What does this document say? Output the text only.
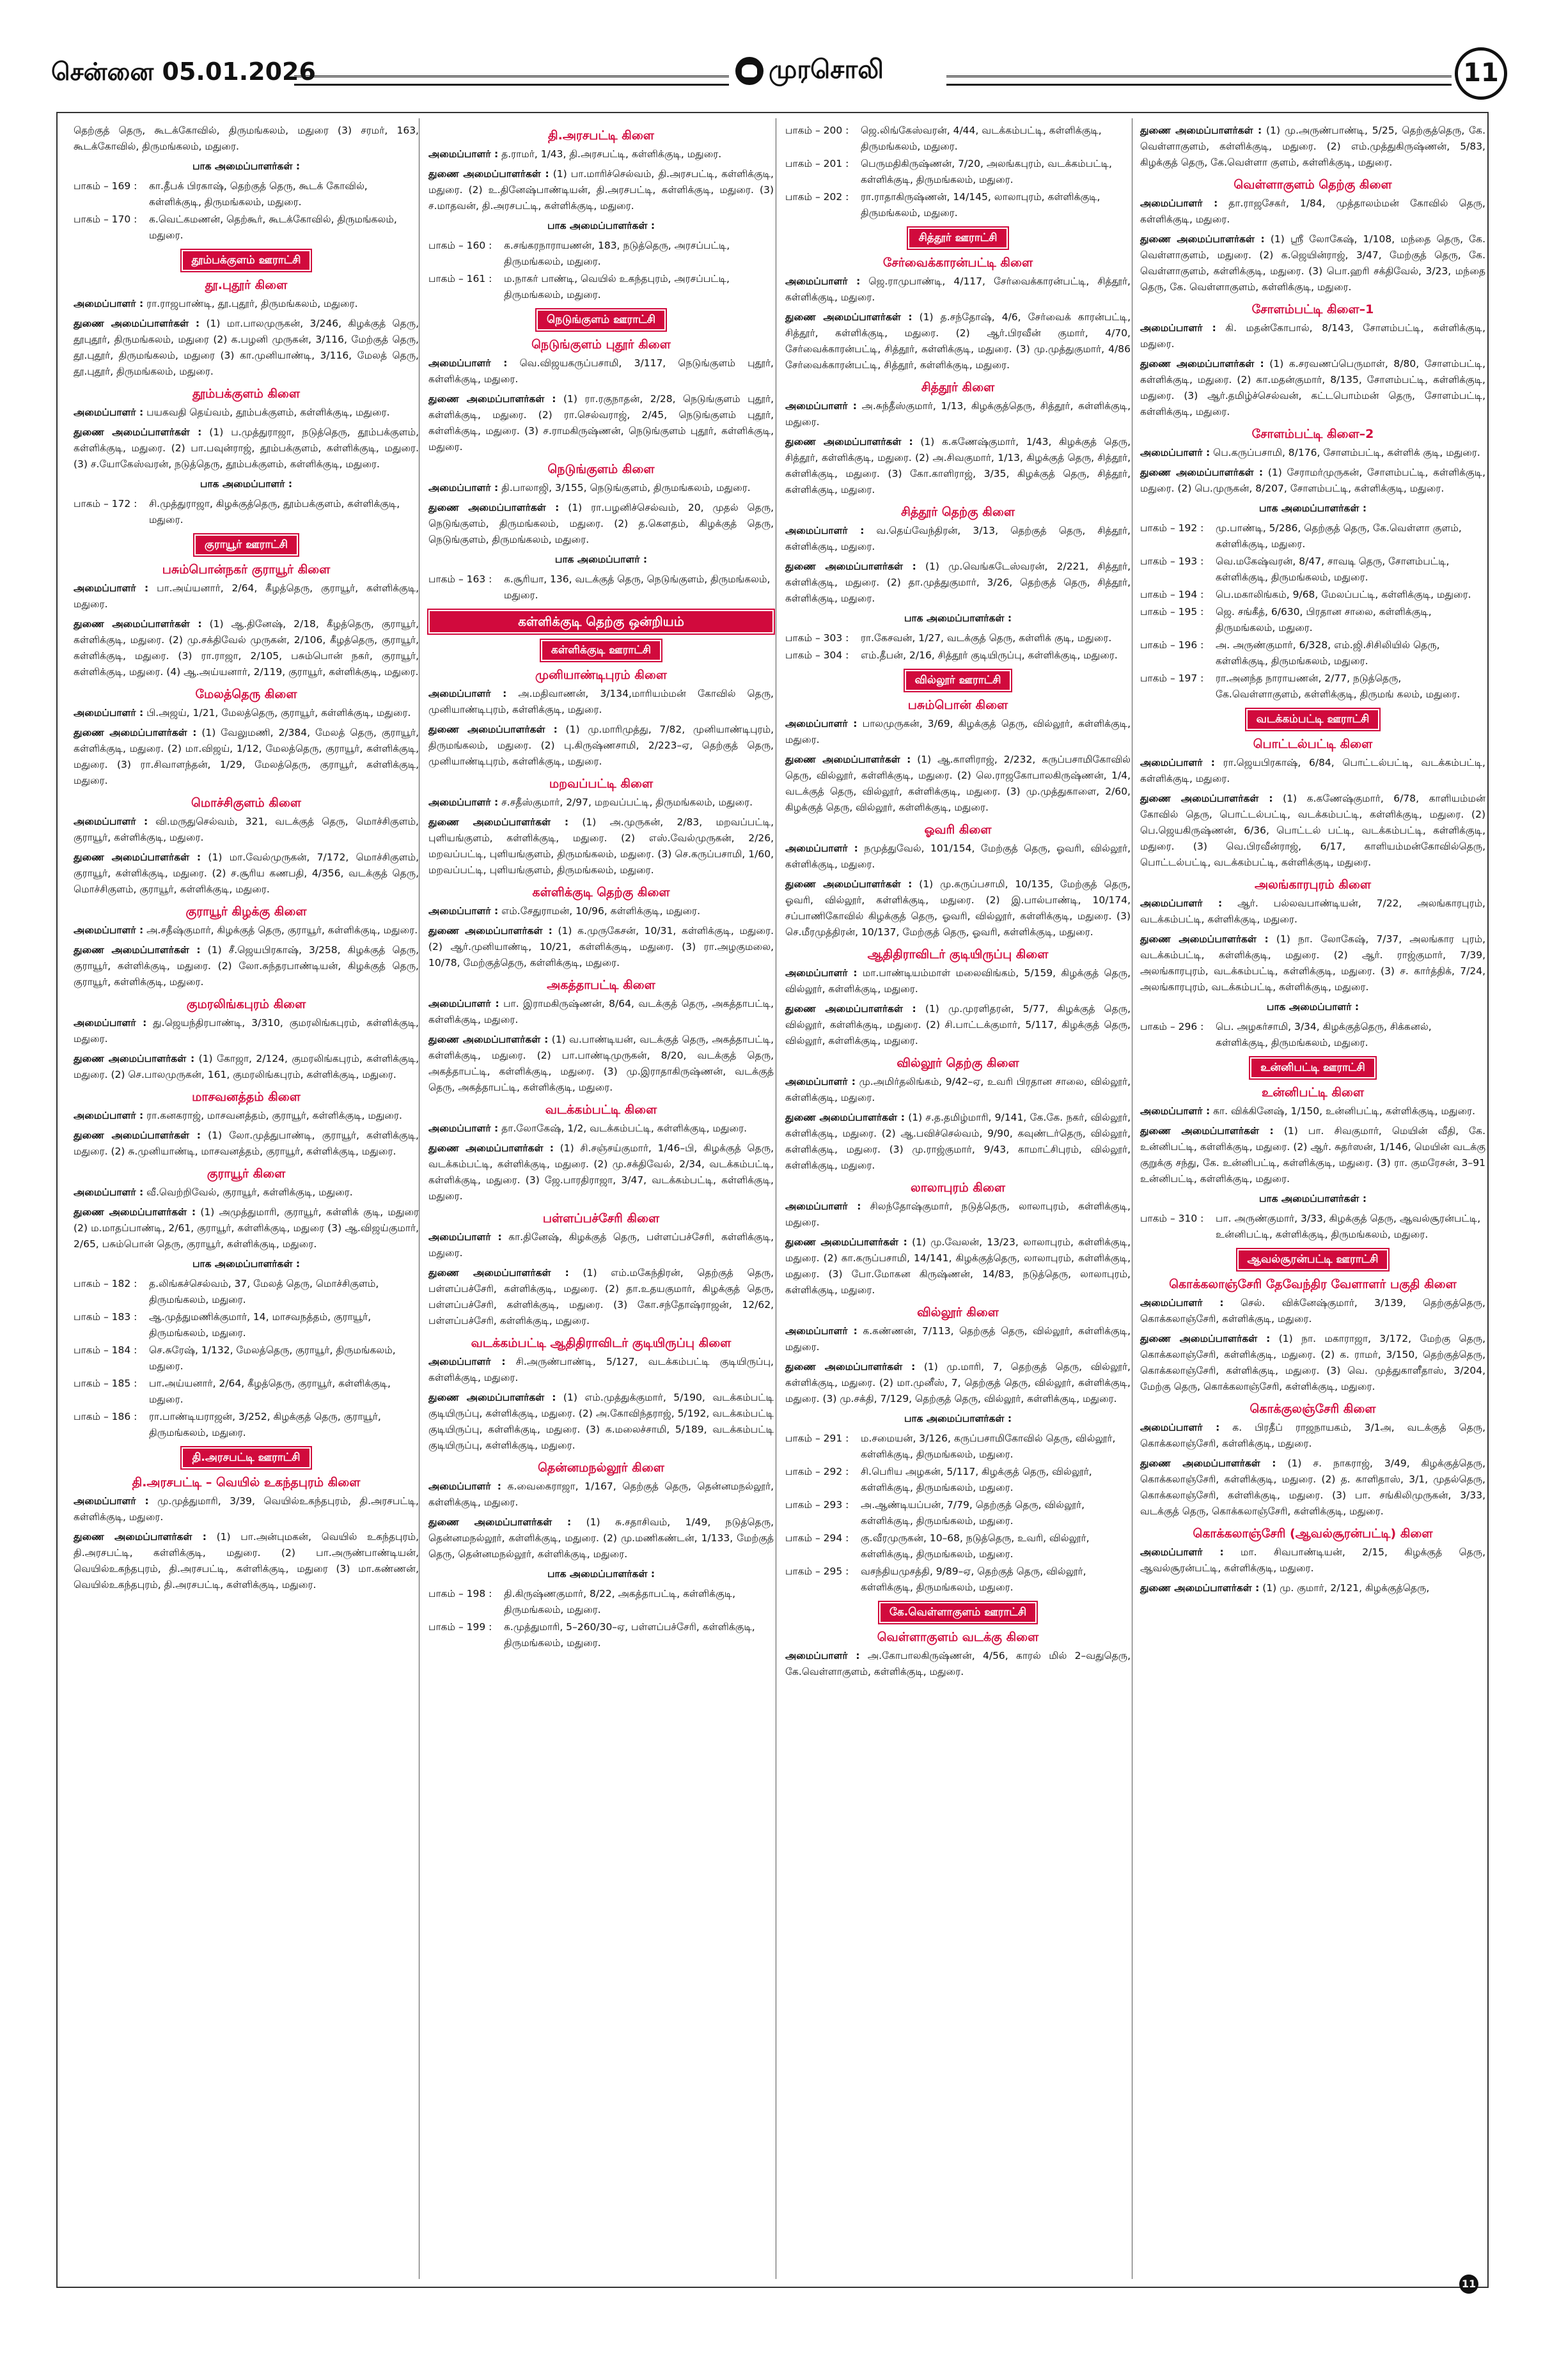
சென்னை 05.01.2026	முரசொலி	11
தெற்குத் தெரு, கூடக்கோவில், திருமங்கலம், மதுரை (3) சரமர், 163, கூடக்கோவில், திருமங்கலம், மதுரை.
பாக அமைப்பாளர்கள் :
பாகம் – 169 :	கா.தீபக் பிரகாஷ், தெற்குத் தெரு, கூடக் கோவில், கள்ளிக்குடி, திருமங்கலம், மதுரை.
பாகம் – 170 :	க.வெட்கமணன், தெற்கூர், கூடக்கோவில், திருமங்கலம், மதுரை.
தூம்பக்குளம் ஊராட்சி
தூ.புதூர் கிளை
அமைப்பாளர் : ரா.ராஜபாண்டி, தூ.புதூர், திருமங்கலம், மதுரை.
துணை அமைப்பாளர்கள் : (1) மா.பாலமுருகன், 3/246, கிழக்குத் தெரு, தூபுதூர், திருமங்கலம், மதுரை (2) க.பழனி முருகன், 3/116, மேற்குத் தெரு, தூ.புதூர், திருமங்கலம், மதுரை (3) கா.முனியாண்டி, 3/116, மேலத் தெரு, தூ.புதூர், திருமங்கலம், மதுரை.
தூம்பக்குளம் கிளை
அமைப்பாளர் : பயகவதி தெய்வம், தூம்பக்குளம், கள்ளிக்குடி, மதுரை.
துணை அமைப்பாளர்கள் : (1) ப.முத்துராஜா, நடுத்தெரு, தூம்பக்குளம், கள்ளிக்குடி, மதுரை. (2) பா.பவுன்ராஜ், தூம்பக்குளம், கள்ளிக்குடி, மதுரை. (3) ச.யோகேஸ்வரன், நடுத்தெரு, தூம்பக்குளம், கள்ளிக்குடி, மதுரை.
பாக அமைப்பாளர் :
பாகம் – 172 :	சி.முத்துராஜா, கிழக்குத்தெரு, தூம்பக்குளம், கள்ளிக்குடி, மதுரை.
குராயூர் ஊராட்சி
பசும்பொன்நகர் குராயூர் கிளை
அமைப்பாளர் : பா.அய்யனார், 2/64, கீழத்தெரு, குராயூர், கள்ளிக்குடி, மதுரை.
துணை அமைப்பாளர்கள் : (1) ஆ.தினேஷ், 2/18, கீழத்தெரு, குராயூர், கள்ளிக்குடி, மதுரை. (2) மு.சக்திவேல் முருகன், 2/106, கீழத்தெரு, குராயூர், கள்ளிக்குடி, மதுரை. (3) ரா.ராஜா, 2/105, பசும்பொன் நகர், குராயூர், கள்ளிக்குடி, மதுரை. (4) ஆ.அய்யனார், 2/119, குராயூர், கள்ளிக்குடி, மதுரை.
மேலத்தெரு கிளை
அமைப்பாளர் : பி.அஜய், 1/21, மேலத்தெரு, குராயூர், கள்ளிக்குடி, மதுரை.
துணை அமைப்பாளர்கள் : (1) வேலுமணி, 2/384, மேலத் தெரு, குராயூர், கள்ளிக்குடி, மதுரை. (2) மா.விஜய், 1/12, மேலத்தெரு, குராயூர், கள்ளிக்குடி, மதுரை. (3) ரா.சிவாளந்தன், 1/29, மேலத்தெரு, குராயூர், கள்ளிக்குடி, மதுரை.
மொச்சிகுளம் கிளை
அமைப்பாளர் : வி.மருதுசெல்வம், 321, வடக்குத் தெரு, மொச்சிகுளம், குராயூர், கள்ளிக்குடி, மதுரை.
துணை அமைப்பாளர்கள் : (1) மா.வேல்முருகன், 7/172, மொச்சிகுளம், குராயூர், கள்ளிக்குடி, மதுரை. (2) ச.சூரிய கணபதி, 4/356, வடக்குத் தெரு, மொச்சிகுளம், குராயூர், கள்ளிக்குடி, மதுரை.
குராயூர் கிழக்கு கிளை
அமைப்பாளர் : அ.சதீஷ்குமார், கிழக்குத் தெரு, குராயூர், கள்ளிக்குடி, மதுரை.
துணை அமைப்பாளர்கள் : (1) சீ.ஜெயபிரகாஷ், 3/258, கிழக்குத் தெரு, குராயூர், கள்ளிக்குடி, மதுரை. (2) லோ.சுந்தரபாண்டியன், கிழக்குத் தெரு, குராயூர், கள்ளிக்குடி, மதுரை.
குமரலிங்கபுரம் கிளை
அமைப்பாளர் : து.ஜெயந்திரபாண்டி, 3/310, குமரலிங்கபுரம், கள்ளிக்குடி, மதுரை.
துணை அமைப்பாளர்கள் : (1) கோஜா, 2/124, குமரலிங்கபுரம், கள்ளிக்குடி, மதுரை. (2) செ.பாலமுருகன், 161, குமரலிங்கபுரம், கள்ளிக்குடி, மதுரை.
மாசவனத்தம் கிளை
அமைப்பாளர் : ரா.கனகராஜ், மாசவனத்தம், குராயூர், கள்ளிக்குடி, மதுரை.
துணை அமைப்பாளர்கள் : (1) லோ.முத்துபாண்டி, குராயூர், கள்ளிக்குடி, மதுரை. (2) சு.முனியாண்டி, மாசவனத்தம், குராயூர், கள்ளிக்குடி, மதுரை.
குராயூர் கிளை
அமைப்பாளர் : வீ.வெற்றிவேல், குராயூர், கள்ளிக்குடி, மதுரை.
துணை அமைப்பாளர்கள் : (1) அமுத்துமாரி, குராயூர், கள்ளிக் குடி, மதுரை (2) ம.மாதப்பாண்டி, 2/61, குராயூர், கள்ளிக்குடி, மதுரை (3) ஆ.விஜய்குமார், 2/65, பசும்பொன் தெரு, குராயூர், கள்ளிக்குடி, மதுரை.
பாக அமைப்பாளர்கள் :
பாகம் – 182 :	த.லிங்கச்செல்வம், 37, மேலத் தெரு, மொச்சிகுளம், திருமங்கலம், மதுரை.
பாகம் – 183 :	ஆ.முத்துமணிக்குமார், 14, மாசவநத்தம், குராயூர், திருமங்கலம், மதுரை.
பாகம் – 184 :	செ.சுரேஷ், 1/132, மேலத்தெரு, குராயூர், திருமங்கலம், மதுரை.
பாகம் – 185 :	பா.அய்யனார், 2/64, கீழத்தெரு, குராயூர், கள்ளிக்குடி, மதுரை.
பாகம் – 186 :	ரா.பாண்டியராஜன், 3/252, கிழக்குத் தெரு, குராயூர், திருமங்கலம், மதுரை.
தி.அரசபட்டி ஊராட்சி
தி.அரசபட்டி – வெயில் உகந்தபுரம் கிளை
அமைப்பாளர் : மு.முத்துமாரி, 3/39, வெயில்உகந்தபுரம், தி.அரசபட்டி, கள்ளிக்குடி, மதுரை.
துணை அமைப்பாளர்கள் : (1) பா.அன்புமகன், வெயில் உகந்தபுரம், தி.அரசபட்டி, கள்ளிக்குடி, மதுரை. (2) பா.அருண்பாண்டியன், வெயில்உகந்தபுரம், தி.அரசபட்டி, கள்ளிக்குடி, மதுரை (3) மா.கண்ணன், வெயில்உகந்தபுரம், தி.அரசபட்டி, கள்ளிக்குடி, மதுரை.
தி.அரசபட்டி கிளை
அமைப்பாளர் : த.ராமர், 1/43, தி.அரசபட்டி, கள்ளிக்குடி, மதுரை.
துணை அமைப்பாளர்கள் : (1) பா.மாரிச்செல்வம், தி.அரசபட்டி, கள்ளிக்குடி, மதுரை. (2) உ.தினேஷ்பாண்டியன், தி.அரசபட்டி, கள்ளிக்குடி, மதுரை. (3) ச.மாதவன், தி.அரசபட்டி, கள்ளிக்குடி, மதுரை.
பாக அமைப்பாளர்கள் :
பாகம் – 160 :	க.சங்கரநாராயணன், 183, நடுத்தெரு, அரசப்பட்டி, திருமங்கலம், மதுரை.
பாகம் – 161 :	ம.நாகர் பாண்டி, வெயில் உகந்தபுரம், அரசப்பட்டி, திருமங்கலம், மதுரை.
நெடுங்குளம் ஊராட்சி
நெடுங்குளம் புதூர் கிளை
அமைப்பாளர் : வெ.விஜயகருப்பசாமி, 3/117, நெடுங்குளம் புதூர், கள்ளிக்குடி, மதுரை.
துணை அமைப்பாளர்கள் : (1) ரா.ரகுநாதன், 2/28, நெடுங்குளம் புதூர், கள்ளிக்குடி, மதுரை. (2) ரா.செல்வராஜ், 2/45, நெடுங்குளம் புதூர், கள்ளிக்குடி, மதுரை. (3) ச.ராமகிருஷ்ணன், நெடுங்குளம் புதூர், கள்ளிக்குடி, மதுரை.
நெடுங்குளம் கிளை
அமைப்பாளர் : தி.பாலாஜி, 3/155, நெடுங்குளம், திருமங்கலம், மதுரை.
துணை அமைப்பாளர்கள் : (1) ரா.பழனிச்செல்வம், 20, முதல் தெரு, நெடுங்குளம், திருமங்கலம், மதுரை. (2) த.கௌதம், கிழக்குத் தெரு, நெடுங்குளம், திருமங்கலம், மதுரை.
பாக அமைப்பாளர் :
பாகம் – 163 :	க.சூரியா, 136, வடக்குத் தெரு, நெடுங்குளம், திருமங்கலம், மதுரை.
கள்ளிக்குடி தெற்கு ஒன்றியம்
கள்ளிக்குடி ஊராட்சி
முனியாண்டிபுரம் கிளை
அமைப்பாளர் : அ.மதிவாணன், 3/134,மாரியம்மன் கோவில் தெரு, முனியாண்டிபுரம், கள்ளிக்குடி, மதுரை.
துணை அமைப்பாளர்கள் : (1) மு.மாரிமுத்து, 7/82, முனியாண்டிபுரம், திருமங்கலம், மதுரை. (2) பு.கிருஷ்ணசாமி, 2/223–ஏ, தெற்குத் தெரு, முனியாண்டிபுரம், கள்ளிக்குடி, மதுரை.
மறவப்பட்டி கிளை
அமைப்பாளர் : ச.சதீஸ்குமார், 2/97, மறவப்பட்டி, திருமங்கலம், மதுரை.
துணை அமைப்பாளர்கள் : (1) அ.முருகன், 2/83, மறவப்பட்டி, புளியங்குளம், கள்ளிக்குடி, மதுரை. (2) எஸ்.வேல்முருகன், 2/26, மறவப்பட்டி, புளியங்குளம், திருமங்கலம், மதுரை. (3) செ.கருப்பசாமி, 1/60, மறவப்பட்டி, புளியங்குளம், திருமங்கலம், மதுரை.
கள்ளிக்குடி தெற்கு கிளை
அமைப்பாளர் : எம்.சேதுராமன், 10/96, கள்ளிக்குடி, மதுரை.
துணை அமைப்பாளர்கள் : (1) க.முருகேசன், 10/31, கள்ளிக்குடி, மதுரை. (2) ஆர்.முனியாண்டி, 10/21, கள்ளிக்குடி, மதுரை. (3) ரா.அழகுமலை, 10/78, மேற்குத்தெரு, கள்ளிக்குடி, மதுரை.
அகத்தாபட்டி கிளை
அமைப்பாளர் : பா. இராமகிருஷ்ணன், 8/64, வடக்குத் தெரு, அகத்தாபட்டி, கள்ளிக்குடி, மதுரை.
துணை அமைப்பாளர்கள் : (1) வ.பாண்டியன், வடக்குத் தெரு, அகத்தாபட்டி, கள்ளிக்குடி, மதுரை. (2) பா.பாண்டிமுருகன், 8/20, வடக்குத் தெரு, அகத்தாபட்டி, கள்ளிக்குடி, மதுரை. (3) மு.இராதாகிருஷ்ணன், வடக்குத் தெரு, அகத்தாபட்டி, கள்ளிக்குடி, மதுரை.
வடக்கம்பட்டி கிளை
அமைப்பாளர் : தா.லோகேஷ், 1/2, வடக்கம்பட்டி, கள்ளிக்குடி, மதுரை.
துணை அமைப்பாளர்கள் : (1) சி.சஞ்சய்குமார், 1/46–பி, கிழக்குத் தெரு, வடக்கம்பட்டி, கள்ளிக்குடி, மதுரை. (2) மு.சக்திவேல், 2/34, வடக்கம்பட்டி, கள்ளிக்குடி, மதுரை. (3) ஜே.பாரதிராஜா, 3/47, வடக்கம்பட்டி, கள்ளிக்குடி, மதுரை.
பள்ளப்பச்சேரி கிளை
அமைப்பாளர் : கா.தினேஷ், கிழக்குத் தெரு, பள்ளப்பச்சேரி, கள்ளிக்குடி, மதுரை.
துணை அமைப்பாளர்கள் : (1) எம்.மகேந்திரன், தெற்குத் தெரு, பள்ளப்பச்சேரி, கள்ளிக்குடி, மதுரை. (2) தா.உதயகுமார், கிழக்குத் தெரு, பள்ளப்பச்சேரி, கள்ளிக்குடி, மதுரை. (3) கோ.சந்தோஷ்ராஜன், 12/62, பள்ளப்பச்சேரி, கள்ளிக்குடி, மதுரை.
வடக்கம்பட்டி ஆதிதிராவிடர் குடியிருப்பு கிளை
அமைப்பாளர் : சி.அருண்பாண்டி, 5/127, வடக்கம்பட்டி குடியிருப்பு, கள்ளிக்குடி, மதுரை.
துணை அமைப்பாளர்கள் : (1) எம்.முத்துக்குமார், 5/190, வடக்கம்பட்டி குடியிருப்பு, கள்ளிக்குடி, மதுரை. (2) அ.கோவிந்தராஜ், 5/192, வடக்கம்பட்டி குடியிருப்பு, கள்ளிக்குடி, மதுரை. (3) க.மலைச்சாமி, 5/189, வடக்கம்பட்டி குடியிருப்பு, கள்ளிக்குடி, மதுரை.
தென்னமநல்லூர் கிளை
அமைப்பாளர் : க.வைகைராஜா, 1/167, தெற்குத் தெரு, தென்னமநல்லூர், கள்ளிக்குடி, மதுரை.
துணை அமைப்பாளர்கள் : (1) சு.சதாசிவம், 1/49, நடுத்தெரு, தென்னமநல்லூர், கள்ளிக்குடி, மதுரை. (2) மு.மணிகண்டன், 1/133, மேற்குத் தெரு, தென்னமநல்லூர், கள்ளிக்குடி, மதுரை.
பாக அமைப்பாளர்கள் :
பாகம் – 198 :	தி.கிருஷ்ணகுமார், 8/22, அகத்தாபட்டி, கள்ளிக்குடி, திருமங்கலம், மதுரை.
பாகம் – 199 :	க.முத்துமாரி, 5–260/30–ஏ, பள்ளப்பச்சேரி, கள்ளிக்குடி, திருமங்கலம், மதுரை.
பாகம் – 200 :	ஜெ.லிங்கேஸ்வரன், 4/44, வடக்கம்பட்டி, கள்ளிக்குடி, திருமங்கலம், மதுரை.
பாகம் – 201 :	பெருமதிகிருஷ்ணன், 7/20, அலங்கபுரம், வடக்கம்பட்டி, கள்ளிக்குடி, திருமங்கலம், மதுரை.
பாகம் – 202 :	ரா.ராதாகிருஷ்ணன், 14/145, லாலாபுரம், கள்ளிக்குடி, திருமங்கலம், மதுரை.
சித்தூர் ஊராட்சி
சேர்வைக்காரன்பட்டி கிளை
அமைப்பாளர் : ஜெ.ராமுபாண்டி, 4/117, சேர்வைக்காரன்பட்டி, சித்தூர், கள்ளிக்குடி, மதுரை.
துணை அமைப்பாளர்கள் : (1) த.சந்தோஷ், 4/6, சேர்வைக் காரன்பட்டி, சித்தூர், கள்ளிக்குடி, மதுரை. (2) ஆர்.பிரவீன் குமார், 4/70, சேர்வைக்காரன்பட்டி, சித்தூர், கள்ளிக்குடி, மதுரை. (3) மு.முத்துகுமார், 4/86 சேர்வைக்காரன்பட்டி, சித்தூர், கள்ளிக்குடி, மதுரை.
சித்தூர் கிளை
அமைப்பாளர் : அ.சுந்தீஸ்குமார், 1/13, கிழக்குத்தெரு, சித்தூர், கள்ளிக்குடி, மதுரை.
துணை அமைப்பாளர்கள் : (1) க.கணேஷ்குமார், 1/43, கிழக்குத் தெரு, சித்தூர், கள்ளிக்குடி, மதுரை. (2) அ.சிவகுமார், 1/13, கிழக்குத் தெரு, சித்தூர், கள்ளிக்குடி, மதுரை. (3) கோ.காளிராஜ், 3/35, கிழக்குத் தெரு, சித்தூர், கள்ளிக்குடி, மதுரை.
சித்தூர் தெற்கு கிளை
அமைப்பாளர் : வ.தெய்வேந்திரன், 3/13, தெற்குத் தெரு, சித்தூர், கள்ளிக்குடி, மதுரை.
துணை அமைப்பாளர்கள் : (1) மு.வெங்கடேஸ்வரன், 2/221, சித்தூர், கள்ளிக்குடி, மதுரை. (2) தா.முத்துகுமார், 3/26, தெற்குத் தெரு, சித்தூர், கள்ளிக்குடி, மதுரை.
பாக அமைப்பாளர்கள் :
பாகம் – 303 :	ரா.கேசவன், 1/27, வடக்குத் தெரு, கள்ளிக் குடி, மதுரை.
பாகம் – 304 :	எம்.தீபன், 2/16, சித்தூர் குடியிருப்பு, கள்ளிக்குடி, மதுரை.
வில்லூர் ஊராட்சி
பசும்பொன் கிளை
அமைப்பாளர் : பாலமுருகன், 3/69, கிழக்குத் தெரு, வில்லூர், கள்ளிக்குடி, மதுரை.
துணை அமைப்பாளர்கள் : (1) ஆ.காளிராஜ், 2/232, கருப்பசாமிகோவில் தெரு, வில்லூர், கள்ளிக்குடி, மதுரை. (2) லெ.ராஜகோபாலகிருஷ்ணன், 1/4, வடக்குத் தெரு, வில்லூர், கள்ளிக்குடி, மதுரை. (3) மு.முத்துகாளை, 2/60, கிழக்குத் தெரு, வில்லூர், கள்ளிக்குடி, மதுரை.
ஓவரி கிளை
அமைப்பாளர் : நமுத்துவேல், 101/154, மேற்குத் தெரு, ஓவரி, வில்லூர், கள்ளிக்குடி, மதுரை.
துணை அமைப்பாளர்கள் : (1) மு.கருப்பசாமி, 10/135, மேற்குத் தெரு, ஓவரி, வில்லூர், கள்ளிக்குடி, மதுரை. (2) இ.பால்பாண்டி, 10/174, சப்பாணிகோவில் கிழக்குத் தெரு, ஓவரி, வில்லூர், கள்ளிக்குடி, மதுரை. (3) செ.மீரமுத்திரன், 10/137, மேற்குத் தெரு, ஓவரி, கள்ளிக்குடி, மதுரை.
ஆதிதிராவிடர் குடியிருப்பு கிளை
அமைப்பாளர் : மா.பாண்டியம்மாள் மலைவிங்கம், 5/159, கிழக்குத் தெரு, வில்லூர், கள்ளிக்குடி, மதுரை.
துணை அமைப்பாளர்கள் : (1) மு.முரளிதரன், 5/77, கிழக்குத் தெரு, வில்லூர், கள்ளிக்குடி, மதுரை. (2) சி.பாட்டக்குமார், 5/117, கிழக்குத் தெரு, வில்லூர், கள்ளிக்குடி, மதுரை.
வில்லூர் தெற்கு கிளை
அமைப்பாளர் : மு.அமிர்தலிங்கம், 9/42–ஏ, உவரி பிரதான சாலை, வில்லூர், கள்ளிக்குடி, மதுரை.
துணை அமைப்பாளர்கள் : (1) ச.த.தமிழ்மாரி, 9/141, கே.கே. நகர், வில்லூர், கள்ளிக்குடி, மதுரை. (2) ஆ.பவிச்செல்வம், 9/90, கவுண்டர்தெரு, வில்லூர், கள்ளிக்குடி, மதுரை. (3) மு.ராஜ்குமார், 9/43, காமாட்சிபுரம், வில்லூர், கள்ளிக்குடி, மதுரை.
லாலாபுரம் கிளை
அமைப்பாளர் : சிலந்தோஷ்குமார், நடுத்தெரு, லாலாபுரம், கள்ளிக்குடி, மதுரை.
துணை அமைப்பாளர்கள் : (1) மு.வேலன், 13/23, லாலாபுரம், கள்ளிக்குடி, மதுரை. (2) கா.கருப்பசாமி, 14/141, கிழக்குத்தெரு, லாலாபுரம், கள்ளிக்குடி, மதுரை. (3) போ.மோகன கிருஷ்ணன், 14/83, நடுத்தெரு, லாலாபுரம், கள்ளிக்குடி, மதுரை.
வில்லூர் கிளை
அமைப்பாளர் : க.கண்ணன், 7/113, தெற்குத் தெரு, வில்லூர், கள்ளிக்குடி, மதுரை.
துணை அமைப்பாளர்கள் : (1) மு.மாரி, 7, தெற்குத் தெரு, வில்லூர், கள்ளிக்குடி, மதுரை. (2) மா.முனீஸ், 7, தெற்குத் தெரு, வில்லூர், கள்ளிக்குடி, மதுரை. (3) மு.சக்தி, 7/129, தெற்குத் தெரு, வில்லூர், கள்ளிக்குடி, மதுரை.
பாக அமைப்பாளர்கள் :
பாகம் – 291 :	ம.சமையன், 3/126, கருப்பசாமிகோவில் தெரு, வில்லூர், கள்ளிக்குடி, திருமங்கலம், மதுரை.
பாகம் – 292 :	சி.பெரிய அழகன், 5/117, கிழக்குத் தெரு, வில்லூர், கள்ளிக்குடி, திருமங்கலம், மதுரை.
பாகம் – 293 :	அ.ஆண்டியப்பன், 7/79, தெற்குத் தெரு, வில்லூர், கள்ளிக்குடி, திருமங்கலம், மதுரை.
பாகம் – 294 :	கு.வீரமுருகன், 10–68, நடுத்தெரு, உவரி, வில்லூர், கள்ளிக்குடி, திருமங்கலம், மதுரை.
பாகம் – 295 :	வசந்தியமுசத்தி, 9/89–ஏ, தெற்குத் தெரு, வில்லூர், கள்ளிக்குடி, திருமங்கலம், மதுரை.
கே.வெள்ளாகுளம் ஊராட்சி
வெள்ளாகுளம் வடக்கு கிளை
அமைப்பாளர் : அ.கோபாலகிருஷ்ணன், 4/56, காரல் மில் 2–வதுதெரு, கே.வெள்ளாகுளம், கள்ளிக்குடி, மதுரை.
துணை அமைப்பாளர்கள் : (1) மு.அருண்பாண்டி, 5/25, தெற்குத்தெரு, கே. வெள்ளாகுளம், கள்ளிக்குடி, மதுரை. (2) எம்.முத்துகிருஷ்ணன், 5/83, கிழக்குத் தெரு, கே.வெள்ளா குளம், கள்ளிக்குடி, மதுரை.
வெள்ளாகுளம் தெற்கு கிளை
அமைப்பாளர் : தா.ராஜசேகர், 1/84, முத்தாலம்மன் கோவில் தெரு, கள்ளிக்குடி, மதுரை.
துணை அமைப்பாளர்கள் : (1) ஸ்ரீ லோகேஷ், 1/108, மந்தை தெரு, கே. வெள்ளாகுளம், மதுரை. (2) க.ஜெயின்ராஜ், 3/47, மேற்குத் தெரு, கே. வெள்ளாகுளம், கள்ளிக்குடி, மதுரை. (3) பொ.ஹரி சக்திவேல், 3/23, மந்தை தெரு, கே. வெள்ளாகுளம், கள்ளிக்குடி, மதுரை.
சோளம்பட்டி கிளை–1
அமைப்பாளர் : கி. மதன்கோபால், 8/143, சோளம்பட்டி, கள்ளிக்குடி, மதுரை.
துணை அமைப்பாளர்கள் : (1) க.சரவணப்பெருமாள், 8/80, சோளம்பட்டி, கள்ளிக்குடி, மதுரை. (2) கா.மதன்குமார், 8/135, சோளம்பட்டி, கள்ளிக்குடி, மதுரை. (3) ஆர்.தமிழ்ச்செல்வன், கட்டபொம்மன் தெரு, சோளம்பட்டி, கள்ளிக்குடி, மதுரை.
சோளம்பட்டி கிளை–2
அமைப்பாளர் : பெ.கருப்பசாமி, 8/176, சோளம்பட்டி, கள்ளிக் குடி, மதுரை.
துணை அமைப்பாளர்கள் : (1) சேராமர்முருகன், சோளம்பட்டி, கள்ளிக்குடி, மதுரை. (2) பெ.முருகன், 8/207, சோளம்பட்டி, கள்ளிக்குடி, மதுரை.
பாக அமைப்பாளர்கள் :
பாகம் – 192 :	மு.பாண்டி, 5/286, தெற்குத் தெரு, கே.வெள்ளா குளம், கள்ளிக்குடி, மதுரை.
பாகம் – 193 :	வெ.மகேஷ்வரன், 8/47, சாவடி தெரு, சோளம்பட்டி, கள்ளிக்குடி, திருமங்கலம், மதுரை.
பாகம் – 194 :	பெ.மகாலிங்கம், 9/68, மேலப்பட்டி, கள்ளிக்குடி, மதுரை.
பாகம் – 195 :	ஜெ. சங்கீத், 6/630, பிரதான சாலை, கள்ளிக்குடி, திருமங்கலம், மதுரை.
பாகம் – 196 :	அ. அருண்குமார், 6/328, எம்.ஜி.சிசிலியில் தெரு, கள்ளிக்குடி, திருமங்கலம், மதுரை.
பாகம் – 197 :	ரா.அனந்த நாராயணன், 2/77, நடுத்தெரு, கே.வெள்ளாகுளம், கள்ளிக்குடி, திருமங் கலம், மதுரை.
வடக்கம்பட்டி ஊராட்சி
பொட்டல்பட்டி கிளை
அமைப்பாளர் : ரா.ஜெயபிரகாஷ், 6/84, பொட்டல்பட்டி, வடக்கம்பட்டி, கள்ளிக்குடி, மதுரை.
துணை அமைப்பாளர்கள் : (1) க.கணேஷ்குமார், 6/78, காளியம்மன் கோவில் தெரு, பொட்டல்பட்டி, வடக்கம்பட்டி, கள்ளிக்குடி, மதுரை. (2) பெ.ஜெயகிருஷ்ணன், 6/36, பொட்டல் பட்டி, வடக்கம்பட்டி, கள்ளிக்குடி, மதுரை. (3) வெ.பிரவீன்ராஜ், 6/17, காளியம்மன்கோவில்தெரு, பொட்டல்பட்டி, வடக்கம்பட்டி, கள்ளிக்குடி, மதுரை.
அலங்காரபுரம் கிளை
அமைப்பாளர் : ஆர். பல்லவபாண்டியன், 7/22, அலங்காரபுரம், வடக்கம்பட்டி, கள்ளிக்குடி, மதுரை.
துணை அமைப்பாளர்கள் : (1) நா. லோகேஷ், 7/37, அலங்கார புரம், வடக்கம்பட்டி, கள்ளிக்குடி, மதுரை. (2) ஆர். ராஜ்குமார், 7/39, அலங்காரபுரம், வடக்கம்பட்டி, கள்ளிக்குடி, மதுரை. (3) ச. கார்த்திக், 7/24, அலங்காரபுரம், வடக்கம்பட்டி, கள்ளிக்குடி, மதுரை.
பாக அமைப்பாளர் :
பாகம் – 296 :	பெ. அழகர்சாமி, 3/34, கிழக்குத்தெரு, சிக்கனல், கள்ளிக்குடி, திருமங்கலம், மதுரை.
உன்னிபட்டி ஊராட்சி
உன்னிபட்டி கிளை
அமைப்பாளர் : கா. விக்கினேஷ், 1/150, உன்னிபட்டி, கள்ளிக்குடி, மதுரை.
துணை அமைப்பாளர்கள் : (1) பா. சிவகுமார், மெயின் வீதி, கே. உன்னிபட்டி, கள்ளிக்குடி, மதுரை. (2) ஆர். சுதர்ஸன், 1/146, மெயின் வடக்கு குறுக்கு சந்து, கே. உன்னிபட்டி, கள்ளிக்குடி, மதுரை. (3) ரா. குமரேசன், 3–91 உன்னிபட்டி, கள்ளிக்குடி, மதுரை.
பாக அமைப்பாளர்கள் :
பாகம் – 310 :	பா. அருண்குமார், 3/33, கிழக்குத் தெரு, ஆவல்சூரன்பட்டி, உன்னிபட்டி, கள்ளிக்குடி, திருமங்கலம், மதுரை.
ஆவல்சூரன்பட்டி ஊராட்சி
கொக்கலாஞ்சேரி தேவேந்திர வேளாளர் பகுதி கிளை
அமைப்பாளர் : செல். விக்னேஷ்குமார், 3/139, தெற்குத்தெரு, கொக்கலாஞ்சேரி, கள்ளிக்குடி, மதுரை.
துணை அமைப்பாளர்கள் : (1) நா. மகாராஜா, 3/172, மேற்கு தெரு, கொக்கலாஞ்சேரி, கள்ளிக்குடி, மதுரை. (2) க. ராமர், 3/150, தெற்குத்தெரு, கொக்கலாஞ்சேரி, கள்ளிக்குடி, மதுரை. (3) வெ. முத்துகாளீதாஸ், 3/204, மேற்கு தெரு, கொக்கலாஞ்சேரி, கள்ளிக்குடி, மதுரை.
கொக்குலஞ்சேரி கிளை
அமைப்பாளர் : க. பிரதீப் ராஜநாயகம், 3/1அ, வடக்குத் தெரு, கொக்கலாஞ்சேரி, கள்ளிக்குடி, மதுரை.
துணை அமைப்பாளர்கள் : (1) ச. நாகராஜ், 3/49, கிழக்குத்தெரு, கொக்கலாஞ்சேரி, கள்ளிக்குடி, மதுரை. (2) த. காளிதாஸ், 3/1, முதல்தெரு, கொக்கலாஞ்சேரி, கள்ளிக்குடி, மதுரை. (3) பா. சங்கிலிமுருகன், 3/33, வடக்குத் தெரு, கொக்கலாஞ்சேரி, கள்ளிக்குடி, மதுரை.
கொக்கலாஞ்சேரி (ஆவல்சூரன்பட்டி) கிளை
அமைப்பாளர் : மா. சிவபாண்டியன், 2/15, கிழக்குத் தெரு, ஆவல்சூரன்பட்டி, கள்ளிக்குடி, மதுரை.
துணை அமைப்பாளர்கள் : (1) மு. குமார், 2/121, கிழக்குத்தெரு,
11
